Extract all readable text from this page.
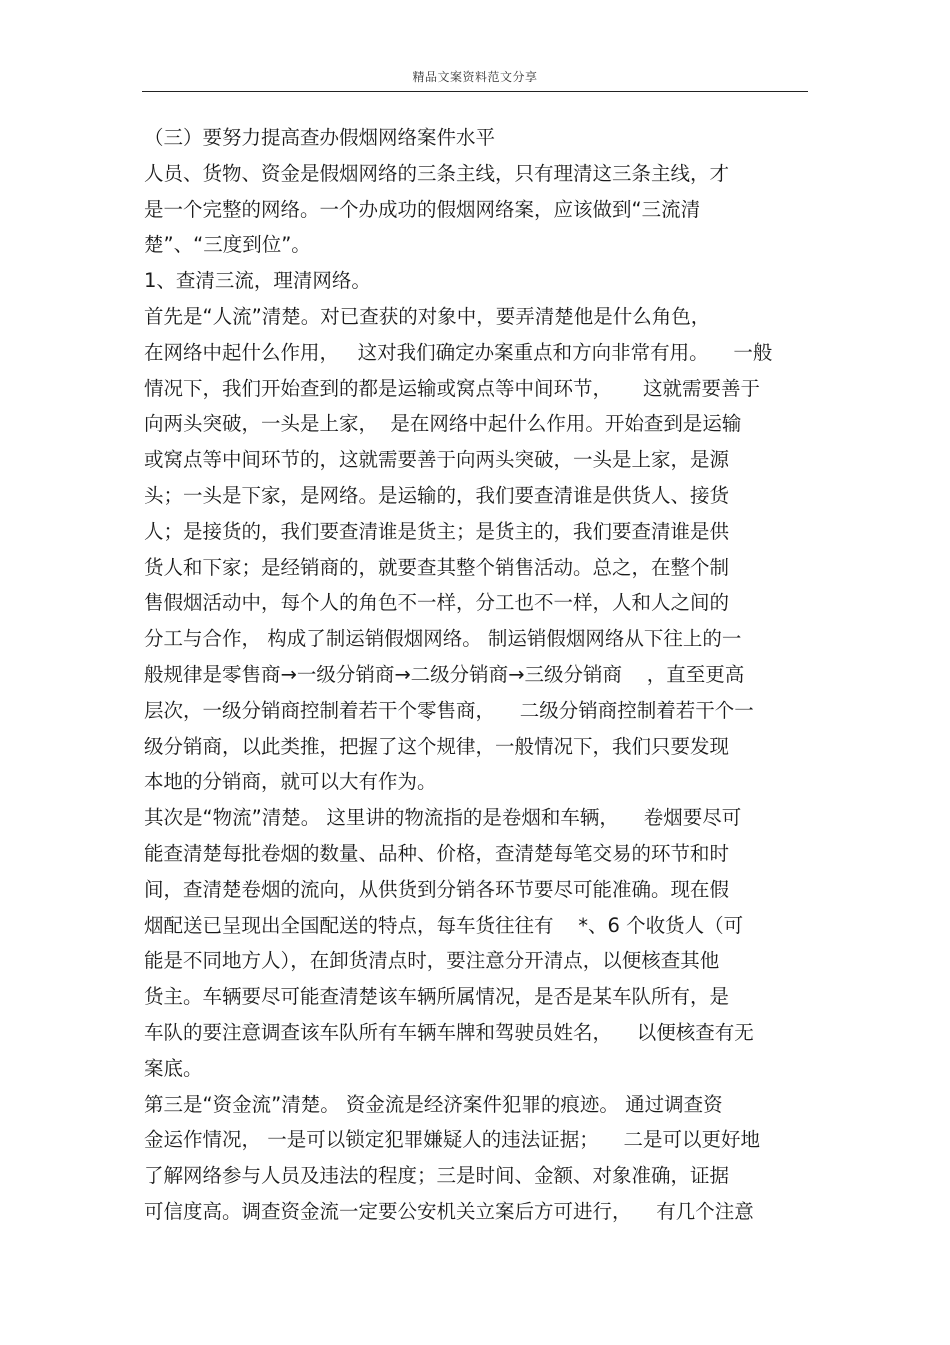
精品文案资料范文分享
（三）要努力提高查办假烟网络案件水平
人员、货物、资金是假烟网络的三条主线，只有理清这三条主线，才
是一个完整的网络。一个办成功的假烟网络案，应该做到“三流清
楚”、“三度到位”。
1、查清三流，理清网络。
首先是“人流”清楚。对已查获的对象中，要弄清楚他是什么角色，
在网络中起什么作用，   这对我们确定办案重点和方向非常有用。    一般
情况下，我们开始查到的都是运输或窝点等中间环节，     这就需要善于
向两头突破，一头是上家，  是在网络中起什么作用。开始查到是运输
或窝点等中间环节的，这就需要善于向两头突破，一头是上家，是源
头；一头是下家，是网络。是运输的，我们要查清谁是供货人、接货
人；是接货的，我们要查清谁是货主；是货主的，我们要查清谁是供
货人和下家；是经销商的，就要查其整个销售活动。总之，在整个制
售假烟活动中，每个人的角色不一样，分工也不一样，人和人之间的
分工与合作， 构成了制运销假烟网络。 制运销假烟网络从下往上的一
般规律是零售商→一级分销商→二级分销商→三级分销商    ，直至更高
层次，一级分销商控制着若干个零售商，    二级分销商控制着若干个一
级分销商，以此类推，把握了这个规律，一般情况下，我们只要发现
本地的分销商，就可以大有作为。
其次是“物流”清楚。 这里讲的物流指的是卷烟和车辆，    卷烟要尽可
能查清楚每批卷烟的数量、品种、价格，查清楚每笔交易的环节和时
间，查清楚卷烟的流向，从供货到分销各环节要尽可能准确。现在假
烟配送已呈现出全国配送的特点，每车货往往有    *、6 个收货人（可
能是不同地方人），在卸货清点时，要注意分开清点，以便核查其他
货主。车辆要尽可能查清楚该车辆所属情况，是否是某车队所有，是
车队的要注意调查该车队所有车辆车牌和驾驶员姓名，    以便核查有无
案底。
第三是“资金流”清楚。 资金流是经济案件犯罪的痕迹。 通过调查资
金运作情况， 一是可以锁定犯罪嫌疑人的违法证据；    二是可以更好地
了解网络参与人员及违法的程度；三是时间、金额、对象准确，证据
可信度高。调查资金流一定要公安机关立案后方可进行，    有几个注意
